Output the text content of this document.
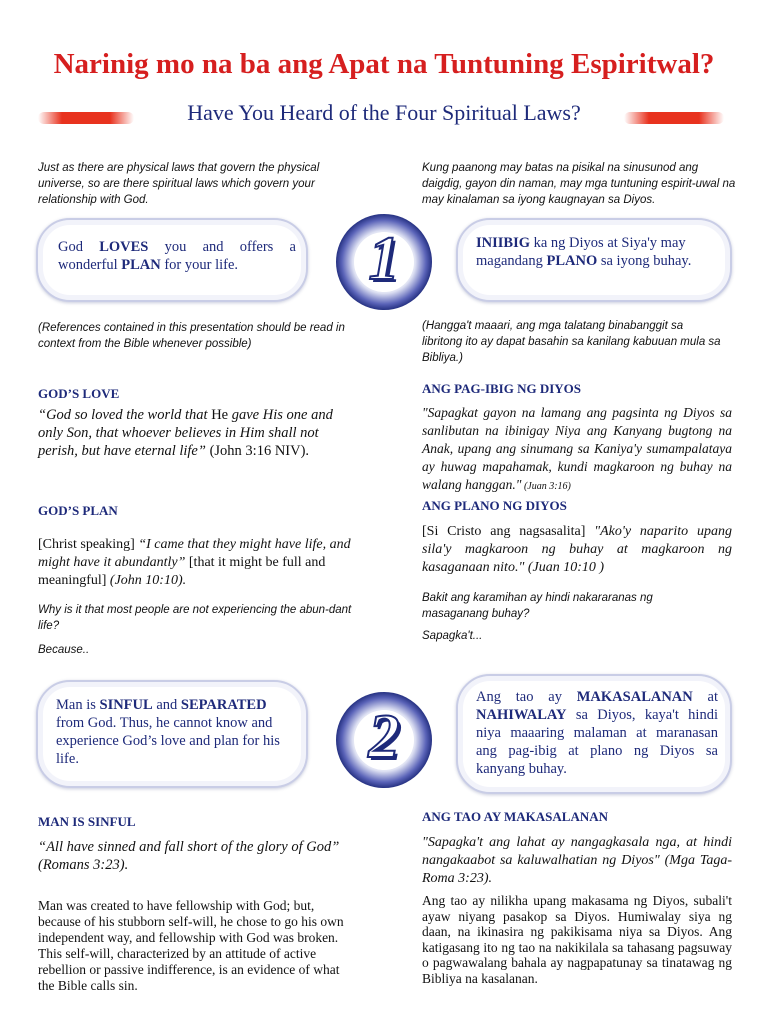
Narinig mo na ba ang Apat na Tuntuning Espiritwal?
Have You Heard of the Four Spiritual Laws?
Just as there are physical laws that govern the physical universe, so are there spiritual laws which govern your relationship with God.
Kung paanong may batas na pisikal na sinusunod ang daigdig, gayon din naman, may mga tuntuning espirit-uwal na may kinalaman sa iyong kaugnayan sa Diyos.
God LOVES you and offers a wonderful PLAN for your life.	1	INIIBIG ka ng Diyos at Siya'y may magandang PLANO sa iyong buhay.
(References contained in this presentation should be read in context from the Bible whenever possible)
(Hangga't maaari, ang mga talatang binabanggit sa libritong ito ay dapat basahin sa kanilang kabuuan mula sa Bibliya.)
GOD’S LOVE
“God so loved the world that He gave His one and only Son, that whoever believes in Him shall not perish, but have eternal life” (John 3:16 NIV).
ANG PAG-IBIG NG DIYOS
"Sapagkat gayon na lamang ang pagsinta ng Diyos sa sanlibutan na ibinigay Niya ang Kanyang bugtong na Anak, upang ang sinumang sa Kaniya'y sumampalataya ay huwag mapahamak, kundi magkaroon ng buhay na walang hanggan." (Juan 3:16)
GOD’S PLAN
[Christ speaking] “I came that they might have life, and might have it abundantly” [that it might be full and meaningful] (John 10:10).
ANG PLANO NG DIYOS
[Si Cristo ang nagsasalita] "Ako'y naparito upang sila'y magkaroon ng buhay at magkaroon ng kasaganaan nito." (Juan 10:10 )
Why is it that most people are not experiencing the abun-dant life?
Because..
Bakit ang karamihan ay hindi nakararanas ng masaganang buhay?
Sapagka't...
Man is SINFUL and SEPARATED from God. Thus, he cannot know and experience God’s love and plan for his life.	2
Ang tao ay MAKASALANAN at NAHIWALAY sa Diyos, kaya't hindi niya maaaring malaman at maranasan ang pag-ibig at plano ng Diyos sa kanyang buhay.
MAN IS SINFUL
“All have sinned and fall short of the glory of God” (Romans 3:23).
Man was created to have fellowship with God; but, because of his stubborn self-will, he chose to go his own independent way, and fellowship with God was broken. This self-will, characterized by an attitude of active rebellion or passive indifference, is an evidence of what the Bible calls sin.
ANG TAO AY MAKASALANAN
"Sapagka't ang lahat ay nangagkasala nga, at hindi nangakaabot sa kaluwalhatian ng Diyos" (Mga Taga-Roma 3:23).
Ang tao ay nilikha upang makasama ng Diyos, subali't ayaw niyang pasakop sa Diyos. Humiwalay siya ng daan, na ikinasira ng pakikisama niya sa Diyos. Ang katigasang ito ng tao na nakikilala sa tahasang pagsuway o pagwawalang bahala ay nagpapatunay sa tinatawag ng Bibliya na kasalanan.
